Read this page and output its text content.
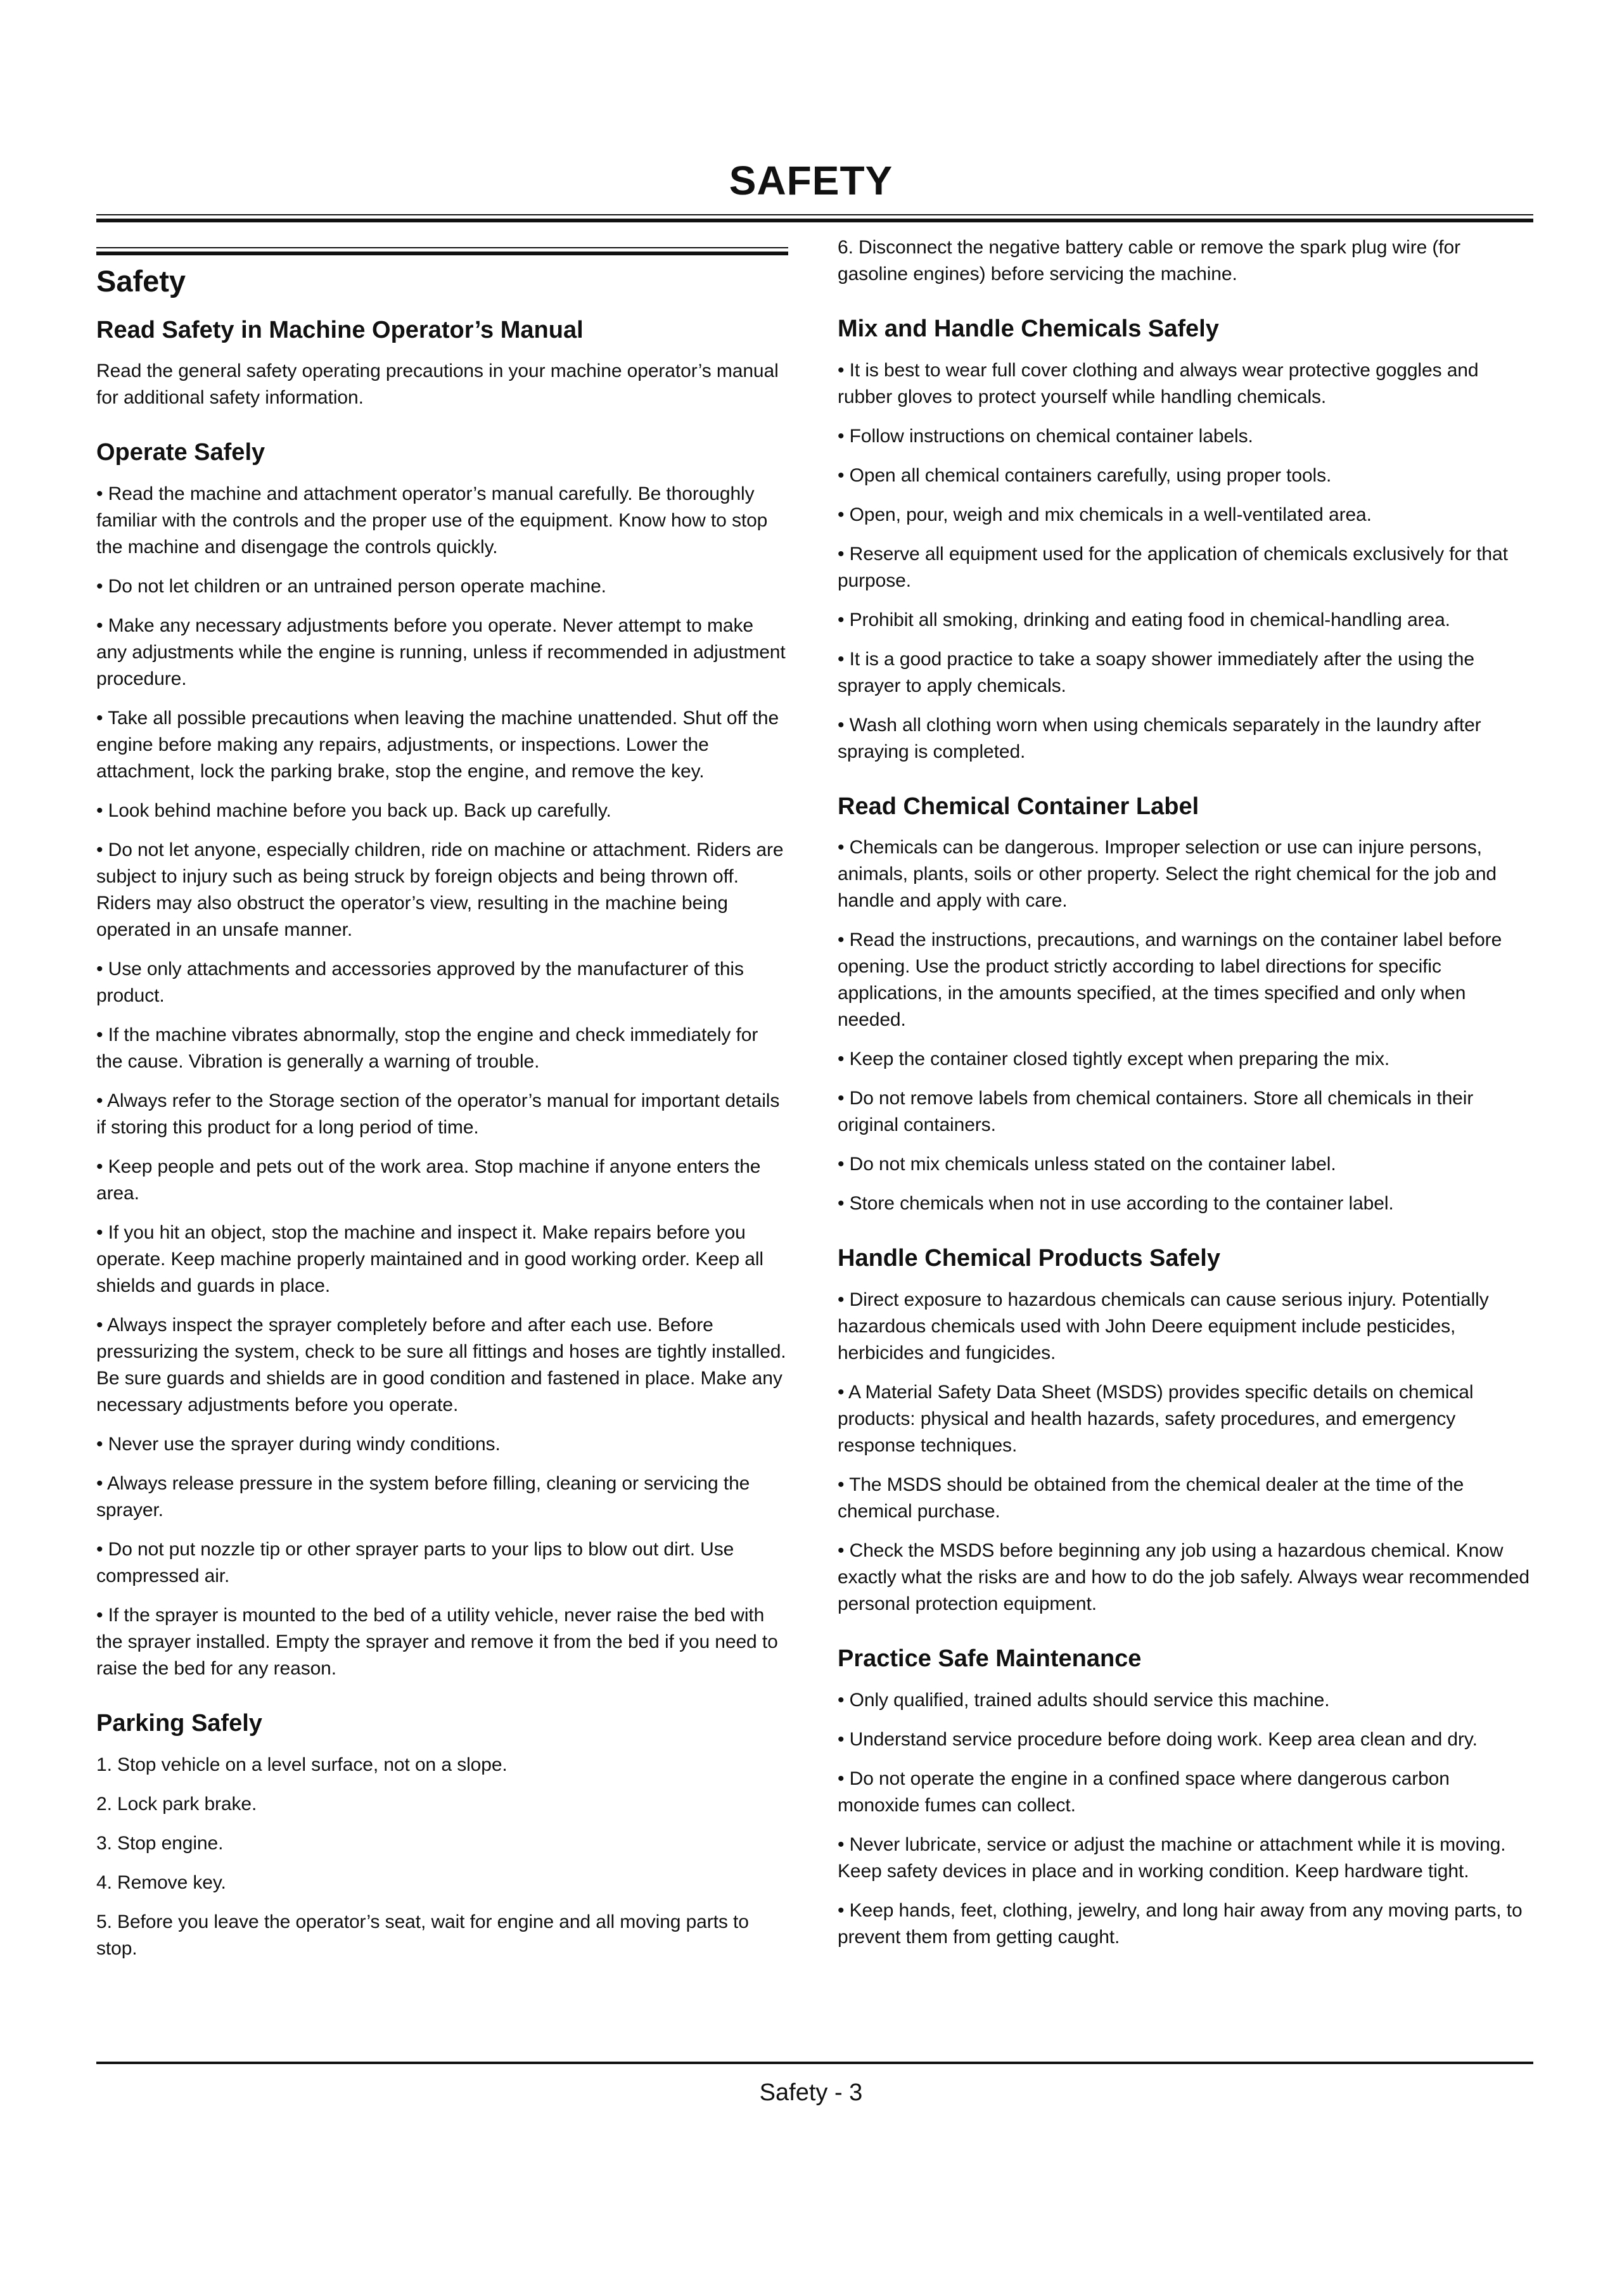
SAFETY
Safety
Read Safety in Machine Operator’s Manual

Read the general safety operating precautions in your machine operator’s manual for additional safety information.

Operate Safely

• Read the machine and attachment operator’s manual carefully. Be thoroughly familiar with the controls and the proper use of the equipment. Know how to stop the machine and disengage the controls quickly.

• Do not let children or an untrained person operate machine.

• Make any necessary adjustments before you operate. Never attempt to make any adjustments while the engine is running, unless if recommended in adjustment procedure.

• Take all possible precautions when leaving the machine unattended. Shut off the engine before making any repairs, adjustments, or inspections. Lower the attachment, lock the parking brake, stop the engine, and remove the key.

• Look behind machine before you back up. Back up carefully.

• Do not let anyone, especially children, ride on machine or attachment. Riders are subject to injury such as being struck by foreign objects and being thrown off. Riders may also obstruct the operator’s view, resulting in the machine being operated in an unsafe manner.

• Use only attachments and accessories approved by the manufacturer of this product.

• If the machine vibrates abnormally, stop the engine and check immediately for the cause. Vibration is generally a warning of trouble.

• Always refer to the Storage section of the operator’s manual for important details if storing this product for a long period of time.

• Keep people and pets out of the work area. Stop machine if anyone enters the area.

• If you hit an object, stop the machine and inspect it. Make repairs before you operate. Keep machine properly maintained and in good working order. Keep all shields and guards in place.

• Always inspect the sprayer completely before and after each use. Before pressurizing the system, check to be sure all fittings and hoses are tightly installed. Be sure guards and shields are in good condition and fastened in place. Make any necessary adjustments before you operate.

• Never use the sprayer during windy conditions.

• Always release pressure in the system before filling, cleaning or servicing the sprayer.

• Do not put nozzle tip or other sprayer parts to your lips to blow out dirt. Use compressed air.

• If the sprayer is mounted to the bed of a utility vehicle, never raise the bed with the sprayer installed. Empty the sprayer and remove it from the bed if you need to raise the bed for any reason.

Parking Safely

1. Stop vehicle on a level surface, not on a slope.

2. Lock park brake.

3. Stop engine.

4. Remove key.

5. Before you leave the operator’s seat, wait for engine and all moving parts to stop.

6. Disconnect the negative battery cable or remove the spark plug wire (for gasoline engines) before servicing the machine.

Mix and Handle Chemicals Safely

• It is best to wear full cover clothing and always wear protective goggles and rubber gloves to protect yourself while handling chemicals.

• Follow instructions on chemical container labels.

• Open all chemical containers carefully, using proper tools.

• Open, pour, weigh and mix chemicals in a well-ventilated area.

• Reserve all equipment used for the application of chemicals exclusively for that purpose.

• Prohibit all smoking, drinking and eating food in chemical-handling area.

• It is a good practice to take a soapy shower immediately after the using the sprayer to apply chemicals.

• Wash all clothing worn when using chemicals separately in the laundry after spraying is completed.

Read Chemical Container Label

• Chemicals can be dangerous. Improper selection or use can injure persons, animals, plants, soils or other property. Select the right chemical for the job and handle and apply with care.

• Read the instructions, precautions, and warnings on the container label before opening. Use the product strictly according to label directions for specific applications, in the amounts specified, at the times specified and only when needed.

• Keep the container closed tightly except when preparing the mix.

• Do not remove labels from chemical containers. Store all chemicals in their original containers.

• Do not mix chemicals unless stated on the container label.

• Store chemicals when not in use according to the container label.

Handle Chemical Products Safely

• Direct exposure to hazardous chemicals can cause serious injury. Potentially hazardous chemicals used with John Deere equipment include pesticides, herbicides and fungicides.

• A Material Safety Data Sheet (MSDS) provides specific details on chemical products: physical and health hazards, safety procedures, and emergency response techniques.

• The MSDS should be obtained from the chemical dealer at the time of the chemical purchase.

• Check the MSDS before beginning any job using a hazardous chemical. Know exactly what the risks are and how to do the job safely. Always wear recommended personal protection equipment.

Practice Safe Maintenance

• Only qualified, trained adults should service this machine.

• Understand service procedure before doing work. Keep area clean and dry.

• Do not operate the engine in a confined space where dangerous carbon monoxide fumes can collect.

• Never lubricate, service or adjust the machine or attachment while it is moving. Keep safety devices in place and in working condition. Keep hardware tight.

• Keep hands, feet, clothing, jewelry, and long hair away from any moving parts, to prevent them from getting caught.

Safety - 3
